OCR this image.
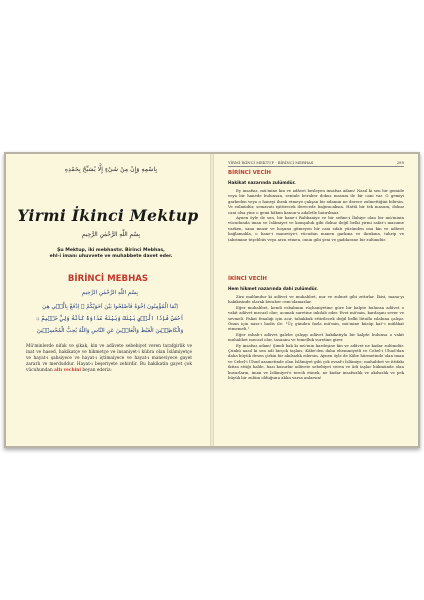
بِاسْمِهِ وَإِنْ مِنْ شَيْءٍ إِلَّا يُسَبِّحُ بِحَمْدِهِ
Yirmi İkinci Mektup
بِسْمِ اللّٰهِ الرَّحْمٰنِ الرَّحِيمِ
Şu Mektup, iki mebhastır. Birinci Mebhas,
ehl-i imanı uhuvvete ve muhabbete davet eder.
BİRİNCİ MEBHAS
بِسْمِ اللّٰهِ الرَّحْمٰنِ الرَّحِيمِ
اِنَّمَا الْمُؤْمِنُونَ اِخْوَةٌ فَاَصْلِحُوا بَيْنَ اَخَوَيْكُمْ ۞ اِدْفَعْ بِالَّت۪ي هِيَ
اَحْسَنُ فَاِذَا الَّذ۪ي بَيْنَكَ وَبَيْنَهُ عَدَاوَةٌ كَاَنَّهُ وَلِيٌّ حَم۪يمٌ ۞
وَالْكَاظِم۪ينَ الْغَيْظَ وَالْعَاف۪ينَ عَنِ النَّاسِ وَاللّٰهُ يُحِبُّ الْمُحْسِن۪ينَ
Mü'minlerde nifak ve şikak, kin ve adâvete sebebiyet veren tarafgirlik ve inat ve hased, hakikatçe ve hikmetçe ve insaniyet-i kübra olan İslâmiyetçe ve hayat-ı şahsiyece ve hayat-ı içtimaiyece ve hayat-ı maneviyece gayet zararlı ve merduddur. Hayat-ı beşeriyete zehirdir. Bu hakikatin gayet çok vücuhundan altı vechini beyan ederiz:
YİRMİ İKİNCİ MEKTUP - BİRİNCİ MEBHAS	289
BİRİNCİ VECİH
Hakikat nazarında zulümdür.

Ey insafsız, mü'mine kin ve adâvet besleyen insafsız adam! Nasıl ki sen bir gemide veya bir hanede bulunsan, seninle beraber dokuz masum ile bir cani var. O gemiyi garkeden veya o haneyi ihrak etmeye çalışan bir adamın ne derece zulmettiğini bilirsin. Ve zulmüdür, semavatı işittirecek derecede bağıracaksın. Hattâ bir tek masum, dokuz cani olsa yine o gemi hâkim kanun-u adaletle batırılmaz.

Aynen öyle de sen, bir hane-i Rabbaniye ve bir sefine-i İlahiye olan bir mü'minin vücudunda iman ve İslâmiyet ve komşuluk gibi dokuz değil belki yirmi safat-ı masume varken, sana muzır ve hoşuna gitmeyen bir cani sıfatı yüzünden ona kin ve adâvet bağlamakla, o hane-i maneviye-i vücudun manen garkına ve ihrakına, tahrip ve tahrimine teşebbüs veya arzu etmen, onun gibi şeni ve gaddarane bir zulümdür.

İKİNCİ VECİH
Hem hikmet nazarında dahi zulümdür.

Zira malûmdur ki adâvet ve muhabbet, nur ve zulmet gibi zıttırlar. İkisi, mana-yı hakikisinde olarak beraber cem'olamazlar.

Eğer muhabbet, kendi esbabının rüçhaniyetine göre bir kalpte bulunsa adâvet o vakit adâvet mecazî olur; acımak suretine inkılab eder. Evet mü'min, kardaşını sever ve sevmeli. Fakat fenalığı için acır, tahakkuk ettirilecek değil belki lütufla ıslahına çalışır. Onun için nass-ı hadis ile: "Üç günden fazla mü'min, mü'mine küsüp kat'-ı mülâkat etmemeli."

Eğer esbab-ı adâvet galebe çalışıp adâvet hakikatıyla bir kalpte bulunsa o vakit muhabbet mecazî olur, tasannu ve temelluk suretine girer.

Ey insafsız adam! Şimdi bak ki mü'min kardeşine kin ve adâvet ne kadar zulümdür. Çünkü nasıl ki sen adi birçok taşları, Kâbe'den daha ehemmiyetli ve Cebel-i Uhud'dan daha büyük desen çirkin bir akılsızlık edersin. Aynen öyle de Kâbe hürmetinde olan iman ve Cebel-i Uhud azametinde olan İslâmiyet gibi çok evsaf-ı İslâmiye; muhabbet ve ittifakı iktiza ettiği halde, bazı kusurlar adâvete sebebiyet veren ve âdi taşlar hükmünde olan kusurların, iman ve İslâmiyet'e tercih etmek, ne kadar insafsızlık ve akılsızlık ve pek büyük bir zulüm olduğunu aklın varsa anlarsın!
